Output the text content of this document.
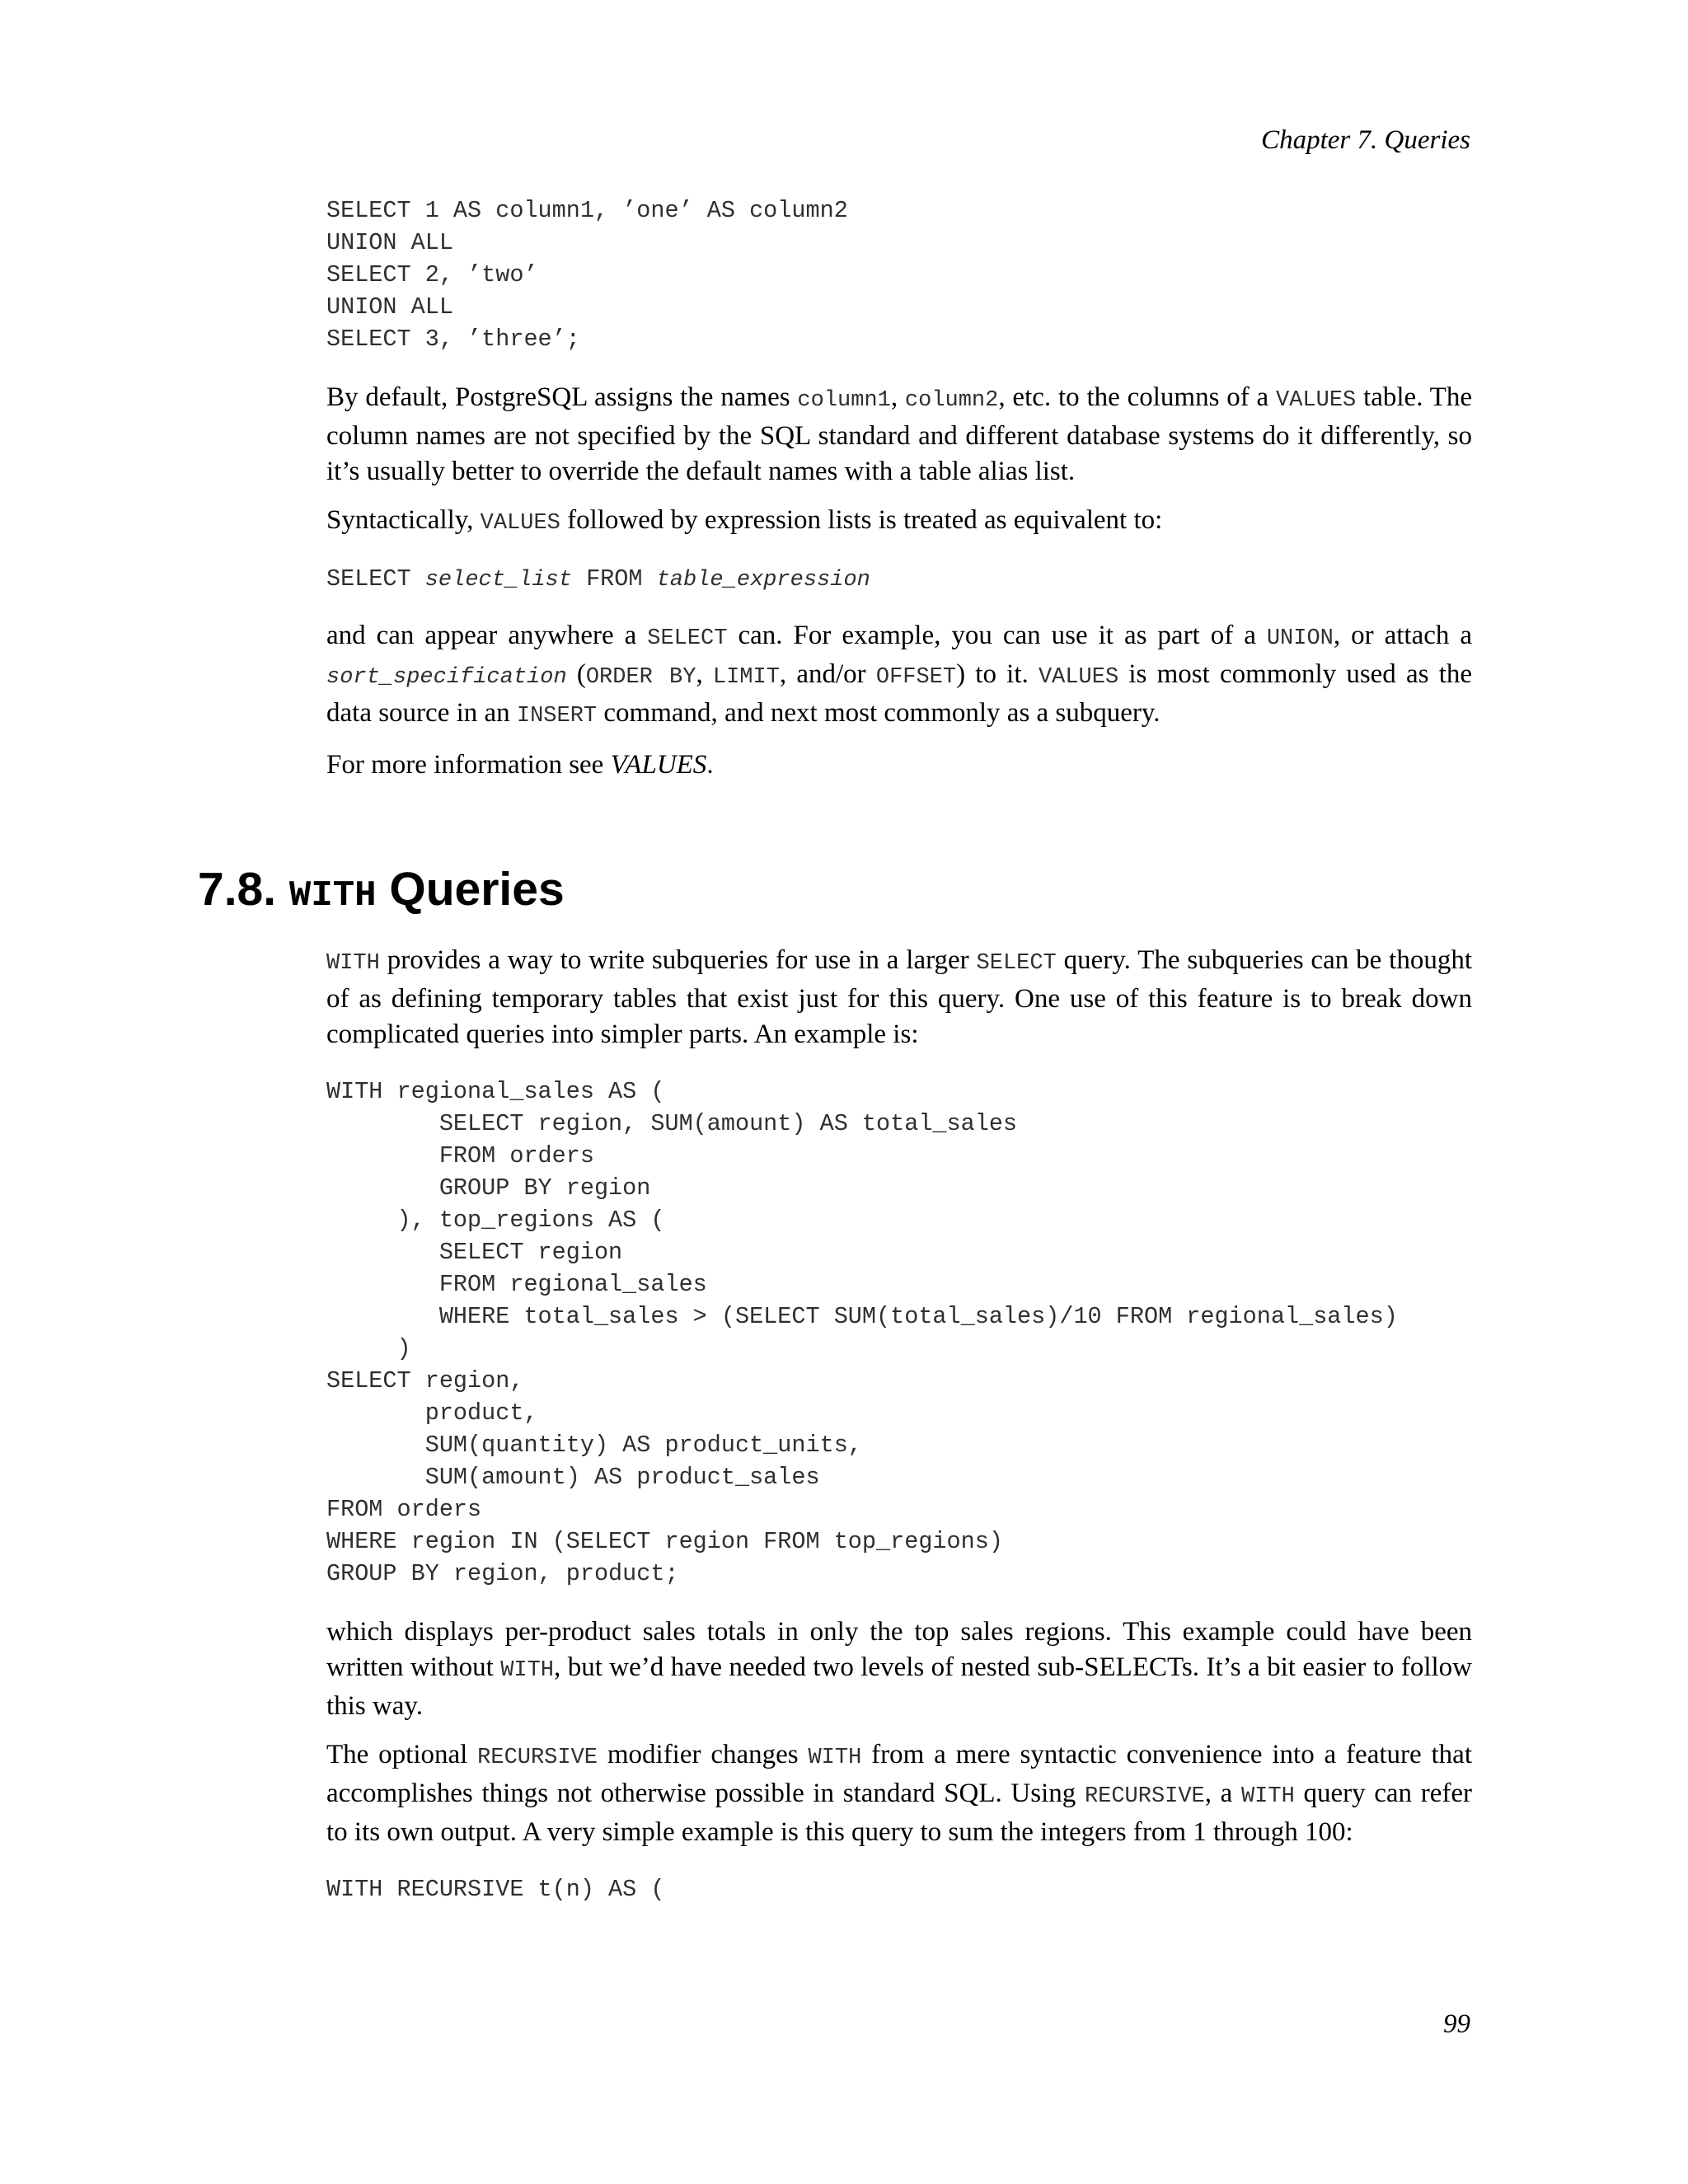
Chapter 7. Queries
SELECT 1 AS column1, ’one’ AS column2
UNION ALL
SELECT 2, ’two’
UNION ALL
SELECT 3, ’three’;

By default, PostgreSQL assigns the names column1, column2, etc. to the columns of a VALUES table. The column names are not specified by the SQL standard and different database systems do it differently, so it’s usually better to override the default names with a table alias list.

Syntactically, VALUES followed by expression lists is treated as equivalent to:

SELECT select_list FROM table_expression

and can appear anywhere a SELECT can. For example, you can use it as part of a UNION, or attach a sort_specification (ORDER BY, LIMIT, and/or OFFSET) to it. VALUES is most commonly used as the data source in an INSERT command, and next most commonly as a subquery.

For more information see VALUES.

7.8. WITH Queries

WITH provides a way to write subqueries for use in a larger SELECT query. The subqueries can be thought of as defining temporary tables that exist just for this query. One use of this feature is to break down complicated queries into simpler parts. An example is:

WITH regional_sales AS (
SELECT region, SUM(amount) AS total_sales
FROM orders
GROUP BY region
), top_regions AS (
SELECT region
FROM regional_sales
WHERE total_sales > (SELECT SUM(total_sales)/10 FROM regional_sales)
)
SELECT region,
product,
SUM(quantity) AS product_units,
SUM(amount) AS product_sales
FROM orders
WHERE region IN (SELECT region FROM top_regions)
GROUP BY region, product;

which displays per-product sales totals in only the top sales regions. This example could have been written without WITH, but we’d have needed two levels of nested sub-SELECTs. It’s a bit easier to follow this way.

The optional RECURSIVE modifier changes WITH from a mere syntactic convenience into a feature that accomplishes things not otherwise possible in standard SQL. Using RECURSIVE, a WITH query can refer to its own output. A very simple example is this query to sum the integers from 1 through 100:

WITH RECURSIVE t(n) AS (
99
